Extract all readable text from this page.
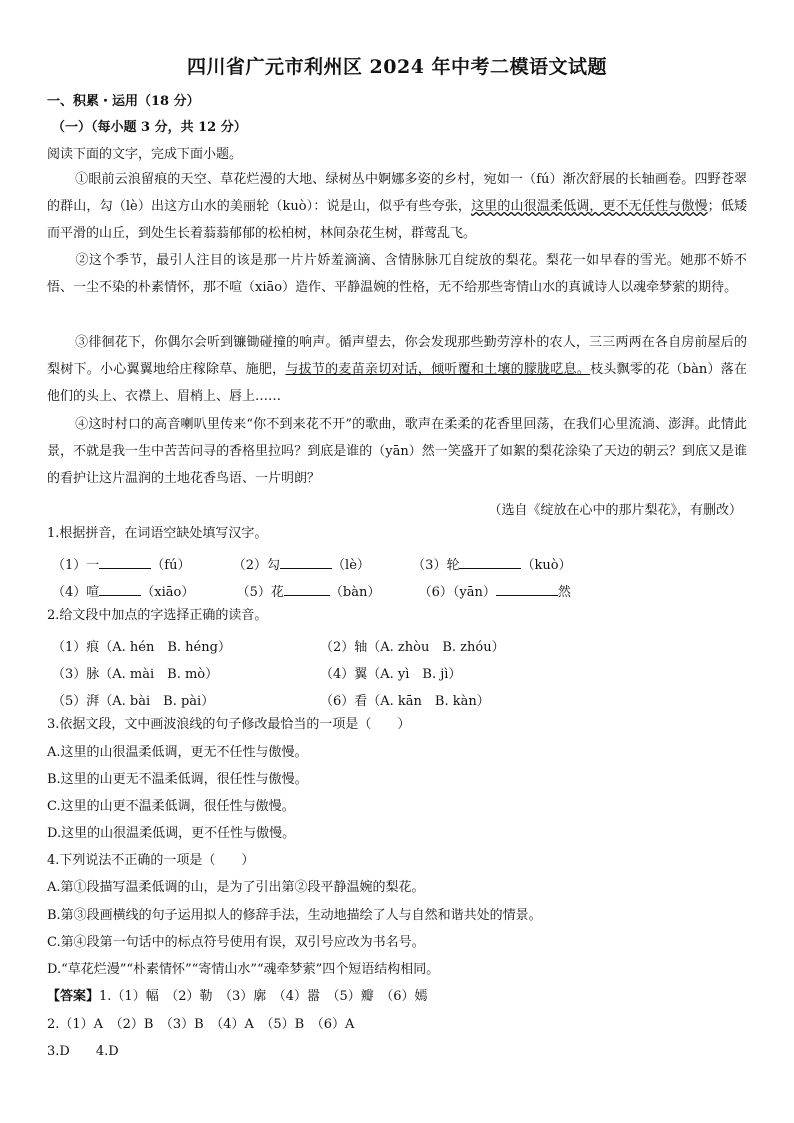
四川省广元市利州区 2024 年中考二模语文试题
一、积累・运用（18 分）
（一）（每小题 3 分，共 12 分）
阅读下面的文字，完成下面小题。
①眼前云浪留痕的天空、草花烂漫的大地、绿树丛中婀娜多姿的乡村，宛如一（fú）渐次舒展的长轴画卷。四野苍翠的群山，勾（lè）出这方山水的美丽轮（kuò）：说是山，似乎有些夸张，这里的山很温柔低调，更不无任性与傲慢；低矮而平滑的山丘，到处生长着蓊蓊郁郁的松柏树，林间杂花生树，群莺乱飞。
②这个季节，最引人注目的该是那一片片娇羞滴滴、含情脉脉兀自绽放的梨花。梨花一如早春的雪光。她那不娇不悟、一尘不染的朴素情怀，那不喧（xiāo）造作、平静温婉的性格，无不给那些寄情山水的真诚诗人以魂牵梦萦的期待。
③徘徊花下，你偶尔会听到镰锄碰撞的响声。循声望去，你会发现那些勤劳淳朴的农人，三三两两在各自房前屋后的梨树下。小心翼翼地给庄稼除草、施肥，与拔节的麦苗亲切对话，倾听覆和土壤的朦胧呓息。枝头飘零的花（bàn）落在他们的头上、衣襟上、眉梢上、唇上……
④这时村口的高音喇叭里传来“你不到来花不开”的歌曲，歌声在柔柔的花香里回荡，在我们心里流淌、澎湃。此情此景，不就是我一生中苦苦问寻的香格里拉吗？到底是谁的（yān）然一笑盛开了如絮的梨花涂染了天边的朝云？到底又是谁的看护让这片温润的土地花香鸟语、一片明朗？
（选自《绽放在心中的那片梨花》，有删改）
1.根据拼音，在词语空缺处填写汉字。
（1）一	（fú）	（2）勾	（lè）	（3）轮	（kuò）
（4）喧	（xiāo）	（5）花	（bàn）	（6）（yān）	然
2.给文段中加点的字选择正确的读音。
（1）痕（A. hén　B. héng）	（2）轴（A. zhòu　B. zhóu）
（3）脉（A. mài　B. mò）	（4）翼（A. yì　B. jì）
（5）湃（A. bài　B. pài）	（6）看（A. kān　B. kàn）
3.依据文段，文中画波浪线的句子修改最恰当的一项是（　　）
A.这里的山很温柔低调，更无不任性与傲慢。
B.这里的山更无不温柔低调，很任性与傲慢。
C.这里的山更不温柔低调，很任性与傲慢。
D.这里的山很温柔低调，更不任性与傲慢。
4.下列说法不正确的一项是（　　）
A.第①段描写温柔低调的山，是为了引出第②段平静温婉的梨花。
B.第③段画横线的句子运用拟人的修辞手法，生动地描绘了人与自然和谐共处的情景。
C.第④段第一句话中的标点符号使用有误，双引号应改为书名号。
D.“草花烂漫”“朴素情怀”“寄情山水”“魂牵梦萦”四个短语结构相同。
【答案】1.（1）幅　（2）勒　（3）廓　（4）嚣　（5）瓣　（6）嫣
2.（1）A　（2）B　（3）B　（4）A　（5）B　（6）A
3.D　　4.D
